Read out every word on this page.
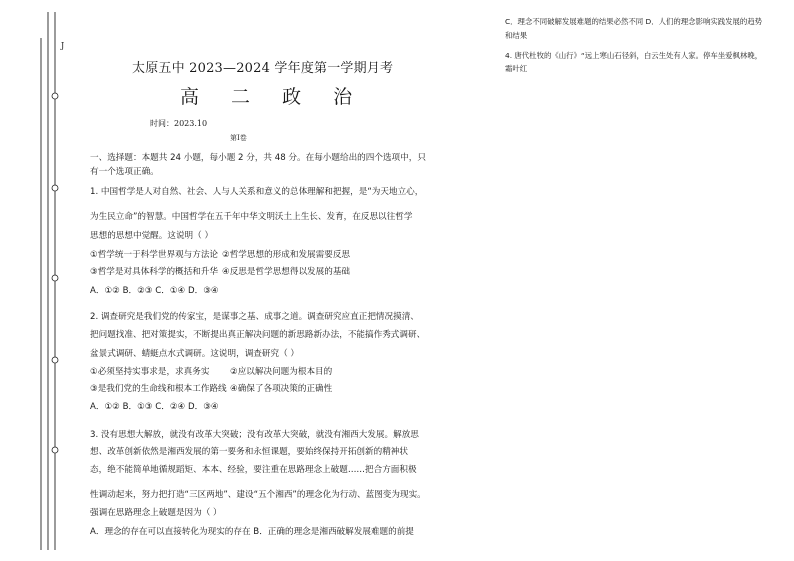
J
太原五中 2023—2024 学年度第一学期月考
高 二 政 治
时间：2023.10
第Ⅰ卷
一、选择题：本题共 24 小题，每小题 2 分，共 48 分。在每小题给出的四个选项中，只
有一个选项正确。
1. 中国哲学是人对自然、社会、人与人关系和意义的总体理解和把握，是“为天地立心，
为生民立命”的智慧。中国哲学在五千年中华文明沃土上生长、发育，在反思以往哲学
思想的思想中觉醒。这说明（ ）
①哲学统一于科学世界观与方法论 ②哲学思想的形成和发展需要反思
③哲学是对具体科学的概括和升华 ④反思是哲学思想得以发展的基础
A．①② B．②③ C．①④ D．③④
2. 调查研究是我们党的传家宝，是谋事之基、成事之道。调查研究应直正把情况摸清、
把问题找准、把对策提实，不断提出真正解决问题的新思路新办法，不能搞作秀式调研、
盆景式调研、蜻蜓点水式调研。这说明，调查研究（ ）
①必须坚持实事求是，求真务实 ②应以解决问题为根本目的
③是我们党的生命线和根本工作路线 ④确保了各项决策的正确性
A．①② B．①③ C．②④ D．③④
3. 没有思想大解放，就没有改革大突破；没有改革大突破，就没有湘西大发展。解放思
想、改革创新依然是湘西发展的第一要务和永恒课题，要始终保持开拓创新的精神状
态，绝不能简单地循规蹈矩、本本、经验，要注重在思路理念上破题……把合方面积极
性调动起来，努力把打造“三区两地”、建设“五个湘西”的理念化为行动、蓝图变为现实。
强调在思路理念上破题是因为（ ）
A．理念的存在可以直接转化为现实的存在 B．正确的理念是湘西破解发展难题的前提
C．理念不同破解发展难题的结果必然不同 D．人们的理念影响实践发展的趋势
和结果
4. 唐代杜牧的《山行》“远上寒山石径斜，白云生处有人家。停车坐爱枫林晚，
霜叶红
